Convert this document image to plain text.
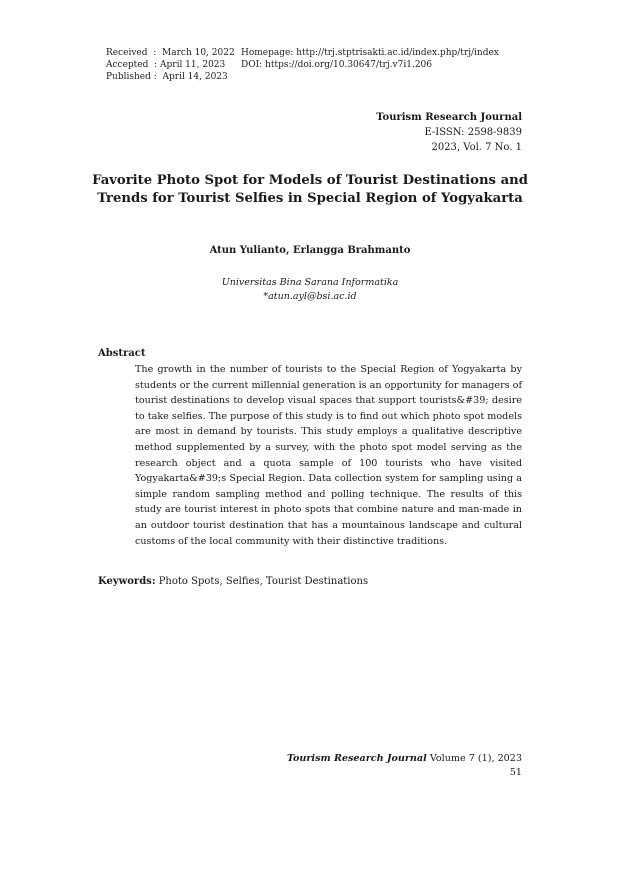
Received  :  March 10, 2022
Accepted  : April 11, 2023
Published :  April 14, 2023
Homepage: http://trj.stptrisakti.ac.id/index.php/trj/index
DOI: https://doi.org/10.30647/trj.v7i1.206
Tourism Research Journal
E-ISSN: 2598-9839
2023, Vol. 7 No. 1
Favorite Photo Spot for Models of Tourist Destinations and
Trends for Tourist Selfies in Special Region of Yogyakarta
Atun Yulianto, Erlangga Brahmanto
Universitas Bina Sarana Informatika
*atun.ayl@bsi.ac.id
Abstract
The growth in the number of tourists to the Special Region of Yogyakarta by students or the current millennial generation is an opportunity for managers of tourist destinations to develop visual spaces that support tourists&#39; desire to take selfies. The purpose of this study is to find out which photo spot models are most in demand by tourists. This study employs a qualitative descriptive method supplemented by a survey, with the photo spot model serving as the research object and a quota sample of 100 tourists who have visited Yogyakarta&#39;s Special Region. Data collection system for sampling using a simple random sampling method and polling technique. The results of this study are tourist interest in photo spots that combine nature and man-made in an outdoor tourist destination that has a mountainous landscape and cultural customs of the local community with their distinctive traditions.
Keywords: Photo Spots, Selfies, Tourist Destinations
Tourism Research Journal Volume 7 (1), 2023
51
